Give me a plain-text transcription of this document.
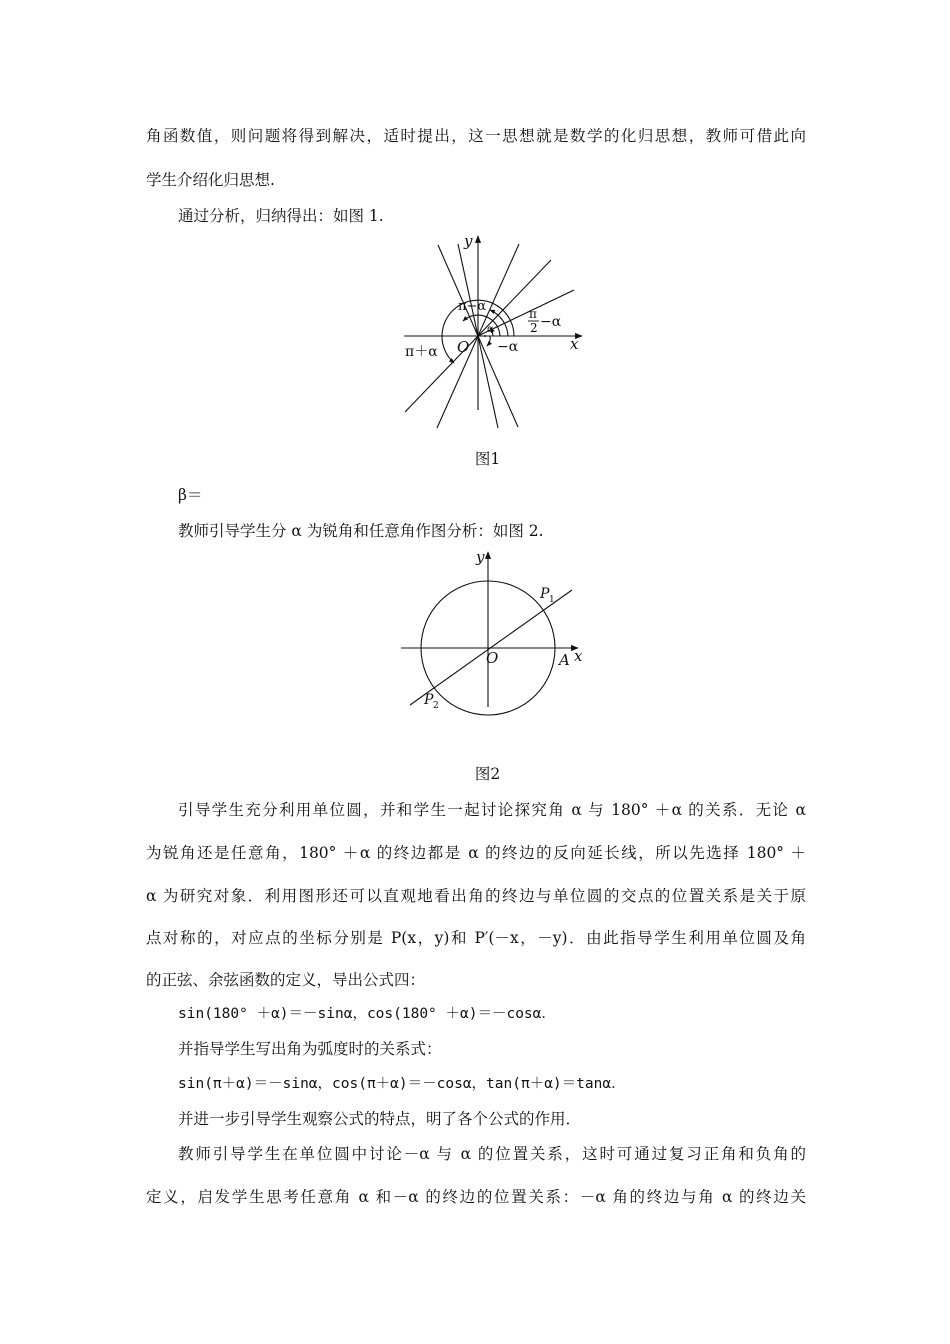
角函数值，则问题将得到解决，适时提出，这一思想就是数学的化归思想，教师可借此向
学生介绍化归思想.
通过分析，归纳得出：如图 1.
y
x
O
π−α
π＋α	−α
α
π
2 −α
图1
β＝
教师引导学生分 α 为锐角和任意角作图分析：如图 2.
y
x
O	A
P 1
P 2
图2
引导学生充分利用单位圆，并和学生一起讨论探究角 α 与 180° ＋α 的关系．无论 α
为锐角还是任意角，180° ＋α 的终边都是 α 的终边的反向延长线，所以先选择 180° ＋
α 为研究对象．利用图形还可以直观地看出角的终边与单位圆的交点的位置关系是关于原
点对称的，对应点的坐标分别是 P(x，y)和 P′(－x，－y)．由此指导学生利用单位圆及角
的正弦、余弦函数的定义，导出公式四：
sin(180° ＋α)＝－sinα，cos(180° ＋α)＝－cosα．
并指导学生写出角为弧度时的关系式：
sin(π＋α)＝－sinα，cos(π＋α)＝－cosα，tan(π＋α)＝tanα．
并进一步引导学生观察公式的特点，明了各个公式的作用．
教师引导学生在单位圆中讨论－α 与 α 的位置关系，这时可通过复习正角和负角的
定义，启发学生思考任意角 α 和－α 的终边的位置关系：－α 角的终边与角 α 的终边关
